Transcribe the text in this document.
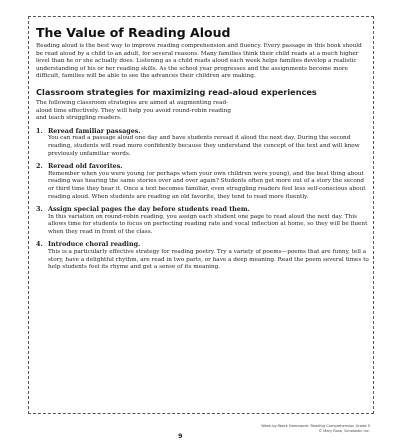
The Value of Reading Aloud

Reading aloud is the best way to improve reading comprehension and fluency. Every passage in this book should be read aloud by a child to an adult, for several reasons. Many families think their child reads at a much higher level than he or she actually does. Listening as a child reads aloud each week helps families develop a realistic understanding of his or her reading skills. As the school year progresses and the assignments become more difficult, families will be able to see the advances their children are making.

Classroom strategies for maximizing read-aloud experiences

The following classroom strategies are aimed at augmenting read-aloud time effectively. They will help you avoid round-robin reading and teach struggling readers.

1. Reread familiar passages.

You can read a passage aloud one day and have students reread it aloud the next day. During the second reading, students will read more confidently because they understand the concept of the text and will know previously unfamiliar words.

2. Reread old favorites.

Remember when you were young (or perhaps when your own children were young), and the best thing about reading was hearing the same stories over and over again? Students often get more out of a story the second or third time they hear it. Once a text becomes familiar, even struggling readers feel less self-conscious about reading aloud. When students are reading an old favorite, they tend to read more fluently.

3. Assign special pages the day before students read them.

In this variation on round-robin reading, you assign each student one page to read aloud the next day. This allows time for students to focus on perfecting reading rate and vocal inflection at home, so they will be fluent when they read in front of the class.

4. Introduce choral reading.

This is a particularly effective strategy for reading poetry. Try a variety of poems—poems that are funny, tell a story, have a delightful rhythm, are read in two parts, or have a deep meaning. Read the poem several times to help students feel its rhyme and get a sense of its meaning.

Week-by-Week Homework: Reading Comprehension Grade 5
© Mary Rose, Scholastic Inc.
9
